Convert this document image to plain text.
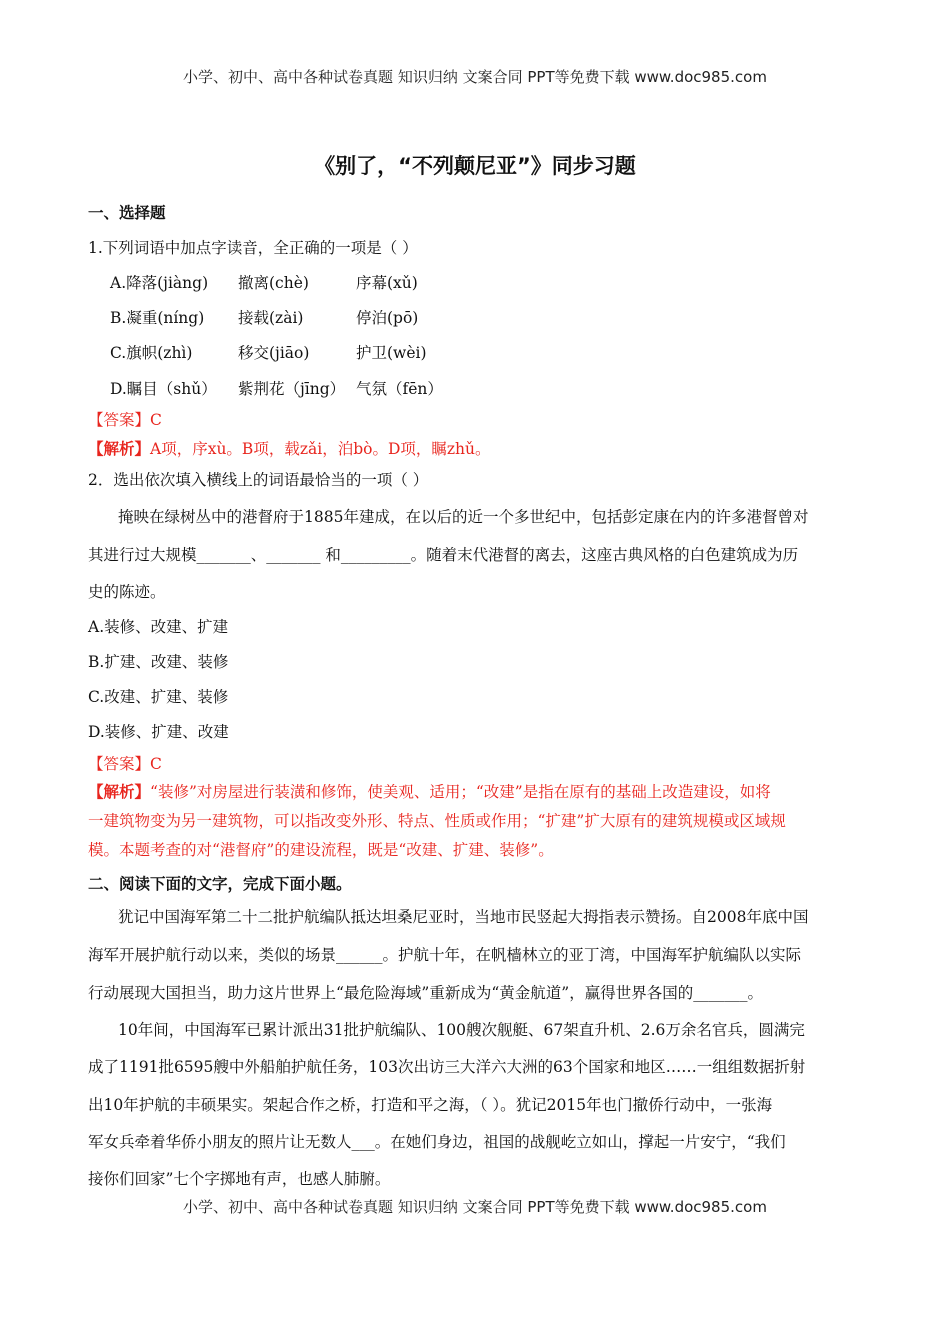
小学、初中、高中各种试卷真题 知识归纳 文案合同 PPT等免费下载 www.doc985.com
《别了，“不列颠尼亚”》同步习题
一、选择题
1.下列词语中加点字读音，全正确的一项是（ ）
A.降落(jiàng) 撤离(chè)	序幕(xǔ)
B.凝重(níng) 接载(zài)	停泊(pō)
C.旗帜(zhì)	移交(jiāo)	护卫(wèi)
D.瞩目（shǔ） 紫荆花（jīng） 气氛（fēn）
【答案】C
【解析】A项，序xù。B项，载zǎi，泊bò。D项，瞩zhǔ。
2．选出依次填入横线上的词语最恰当的一项（ ）
掩映在绿树丛中的港督府于1885年建成，在以后的近一个多世纪中，包括彭定康在内的许多港督曾对
其进行过大规模_______、_______ 和_________。随着末代港督的离去，这座古典风格的白色建筑成为历
史的陈迹。
A.装修、改建、扩建
B.扩建、改建、装修
C.改建、扩建、装修
D.装修、扩建、改建
【答案】C
【解析】“装修”对房屋进行装潢和修饰，使美观、适用；“改建”是指在原有的基础上改造建设，如将
一建筑物变为另一建筑物，可以指改变外形、特点、性质或作用；“扩建”扩大原有的建筑规模或区域规
模。本题考查的对“港督府”的建设流程，既是“改建、扩建、装修”。
二、阅读下面的文字，完成下面小题。
犹记中国海军第二十二批护航编队抵达坦桑尼亚时，当地市民竖起大拇指表示赞扬。自2008年底中国
海军开展护航行动以来，类似的场景______。护航十年，在帆樯林立的亚丁湾，中国海军护航编队以实际
行动展现大国担当，助力这片世界上“最危险海域”重新成为“黄金航道”，赢得世界各国的_______。
10年间，中国海军已累计派出31批护航编队、100艘次舰艇、67架直升机、2.6万余名官兵，圆满完
成了1191批6595艘中外船舶护航任务，103次出访三大洋六大洲的63个国家和地区……一组组数据折射
出10年护航的丰硕果实。架起合作之桥，打造和平之海，（ ）。犹记2015年也门撤侨行动中，一张海
军女兵牵着华侨小朋友的照片让无数人___。在她们身边，祖国的战舰屹立如山，撑起一片安宁，“我们
接你们回家”七个字掷地有声，也感人肺腑。
小学、初中、高中各种试卷真题 知识归纳 文案合同 PPT等免费下载 www.doc985.com
